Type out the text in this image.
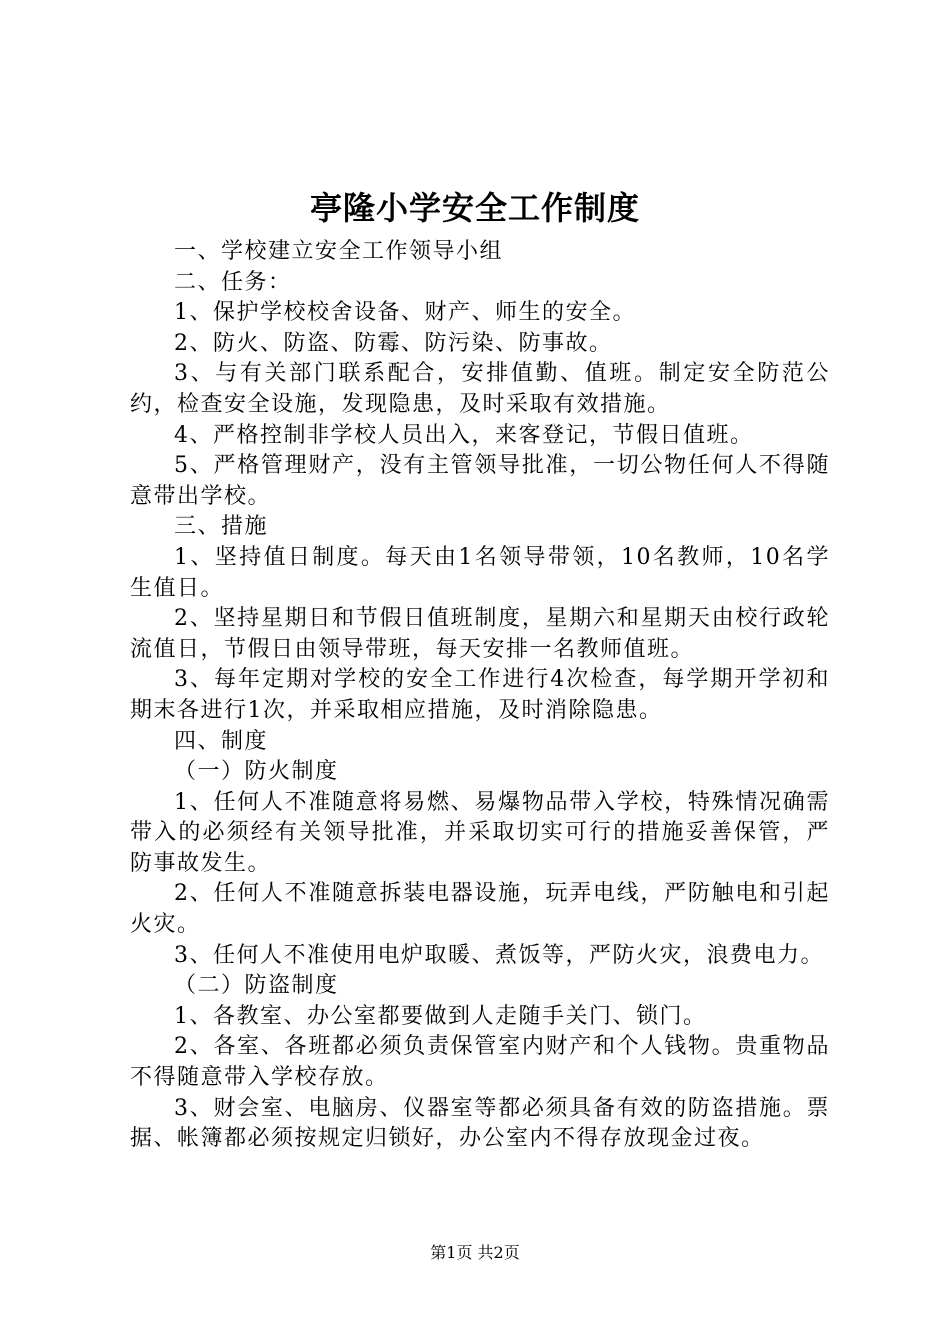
亭隆小学安全工作制度

一、学校建立安全工作领导小组

二、任务：

1、保护学校校舍设备、财产、师生的安全。

2、防火、防盗、防霉、防污染、防事故。

3、与有关部门联系配合，安排值勤、值班。制定安全防范公约，检查安全设施，发现隐患，及时采取有效措施。

4、严格控制非学校人员出入，来客登记，节假日值班。

5、严格管理财产，没有主管领导批准，一切公物任何人不得随意带出学校。

三、措施

1、坚持值日制度。每天由1名领导带领，10名教师，10名学生值日。

2、坚持星期日和节假日值班制度，星期六和星期天由校行政轮流值日，节假日由领导带班，每天安排一名教师值班。

3、每年定期对学校的安全工作进行4次检查，每学期开学初和期末各进行1次，并采取相应措施，及时消除隐患。

四、制度

（一）防火制度

1、任何人不准随意将易燃、易爆物品带入学校，特殊情况确需带入的必须经有关领导批准，并采取切实可行的措施妥善保管，严防事故发生。

2、任何人不准随意拆装电器设施，玩弄电线，严防触电和引起火灾。

3、任何人不准使用电炉取暖、煮饭等，严防火灾，浪费电力。

（二）防盗制度

1、各教室、办公室都要做到人走随手关门、锁门。

2、各室、各班都必须负责保管室内财产和个人钱物。贵重物品不得随意带入学校存放。

3、财会室、电脑房、仪器室等都必须具备有效的防盗措施。票据、帐簿都必须按规定归锁好，办公室内不得存放现金过夜。

第1页 共2页
